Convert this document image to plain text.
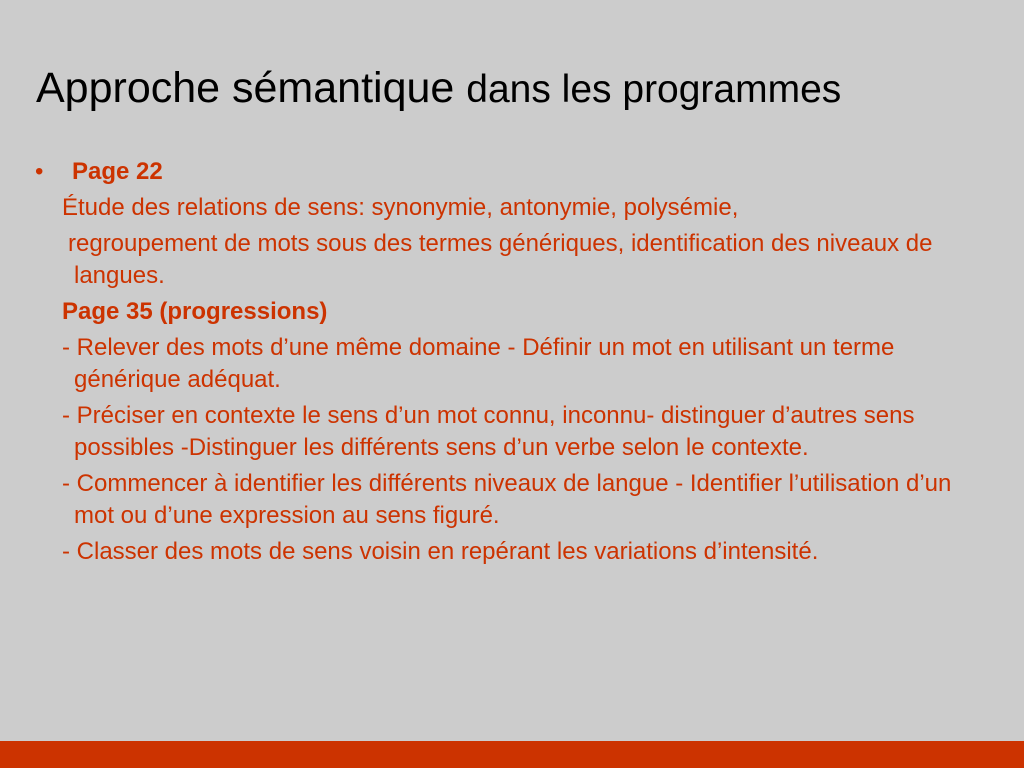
Approche sémantique dans les programmes

• Page 22

Étude des relations de sens: synonymie, antonymie, polysémie,

regroupement de mots sous des termes génériques, identification des niveaux de langues.

Page 35 (progressions)

- Relever des mots d’une même domaine - Définir un mot en utilisant un terme générique adéquat.

- Préciser en contexte le sens d’un mot connu, inconnu- distinguer d’autres sens possibles -Distinguer les différents sens d’un verbe selon le contexte.

- Commencer à identifier les différents niveaux de langue - Identifier l’utilisation d’un mot ou d’une expression au sens figuré.

- Classer des mots de sens voisin en repérant les variations d’intensité.
